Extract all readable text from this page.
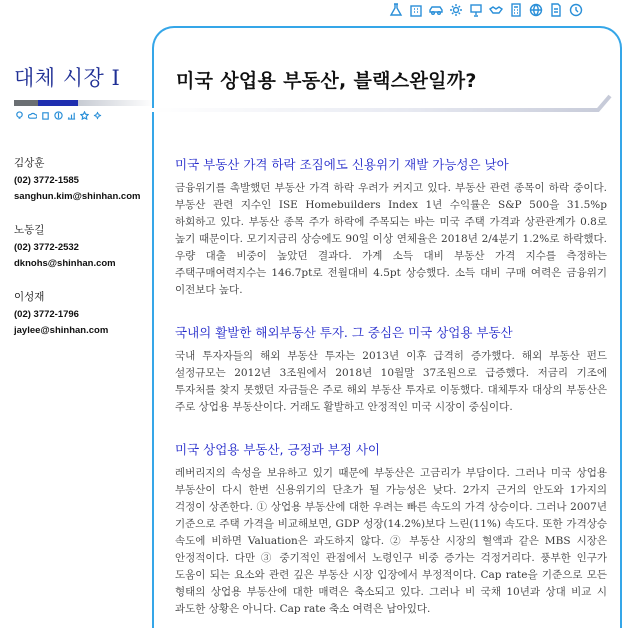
대체 시장 I
김상훈
(02) 3772-1585
sanghun.kim@shinhan.com
노동길
(02) 3772-2532
dknohs@shinhan.com
이성재
(02) 3772-1796
jaylee@shinhan.com
미국 상업용 부동산, 블랙스완일까?
미국 부동산 가격 하락 조짐에도 신용위기 재발 가능성은 낮아

금융위기를 촉발했던 부동산 가격 하락 우려가 커지고 있다. 부동산 관련 종목이 하락 중이다. 부동산 관련 지수인 ISE Homebuilders Index 1년 수익률은 S&P 500을 31.5%p 하회하고 있다. 부동산 종목 주가 하락에 주목되는 바는 미국 주택 가격과 상관관계가 0.8로 높기 때문이다. 모기지금리 상승에도 90일 이상 연체율은 2018년 2/4분기 1.2%로 하락했다. 우량 대출 비중이 높았던 결과다. 가계 소득 대비 부동산 가격 지수를 측정하는 주택구매여력지수는 146.7pt로 전월대비 4.5pt 상승했다. 소득 대비 구매 여력은 금융위기 이전보다 높다.

국내의 활발한 해외부동산 투자. 그 중심은 미국 상업용 부동산

국내 투자자들의 해외 부동산 투자는 2013년 이후 급격히 증가했다. 해외 부동산 펀드 설정규모는 2012년 3조원에서 2018년 10월말 37조원으로 급증했다. 저금리 기조에 투자처를 찾지 못했던 자금들은 주로 해외 부동산 투자로 이동했다. 대체투자 대상의 부동산은 주로 상업용 부동산이다. 거래도 활발하고 안정적인 미국 시장이 중심이다.

미국 상업용 부동산, 긍정과 부정 사이

레버리지의 속성을 보유하고 있기 때문에 부동산은 고금리가 부담이다. 그러나 미국 상업용 부동산이 다시 한번 신용위기의 단초가 될 가능성은 낮다. 2가지 근거의 안도와 1가지의 걱정이 상존한다. ① 상업용 부동산에 대한 우려는 빠른 속도의 가격 상승이다. 그러나 2007년 기준으로 주택 가격을 비교해보면, GDP 성장(14.2%)보다 느린(11%) 속도다. 또한 가격상승 속도에 비하면 Valuation은 과도하지 않다. ② 부동산 시장의 혈액과 같은 MBS 시장은 안정적이다. 다만 ③ 중기적인 관점에서 노령인구 비중 증가는 걱정거리다. 풍부한 인구가 도움이 되는 요소와 관련 깊은 부동산 시장 입장에서 부정적이다. Cap rate을 기준으로 모든 형태의 상업용 부동산에 대한 매력은 축소되고 있다. 그러나 비 국채 10년과 상대 비교 시 과도한 상황은 아니다. Cap rate 축소 여력은 남아있다.
